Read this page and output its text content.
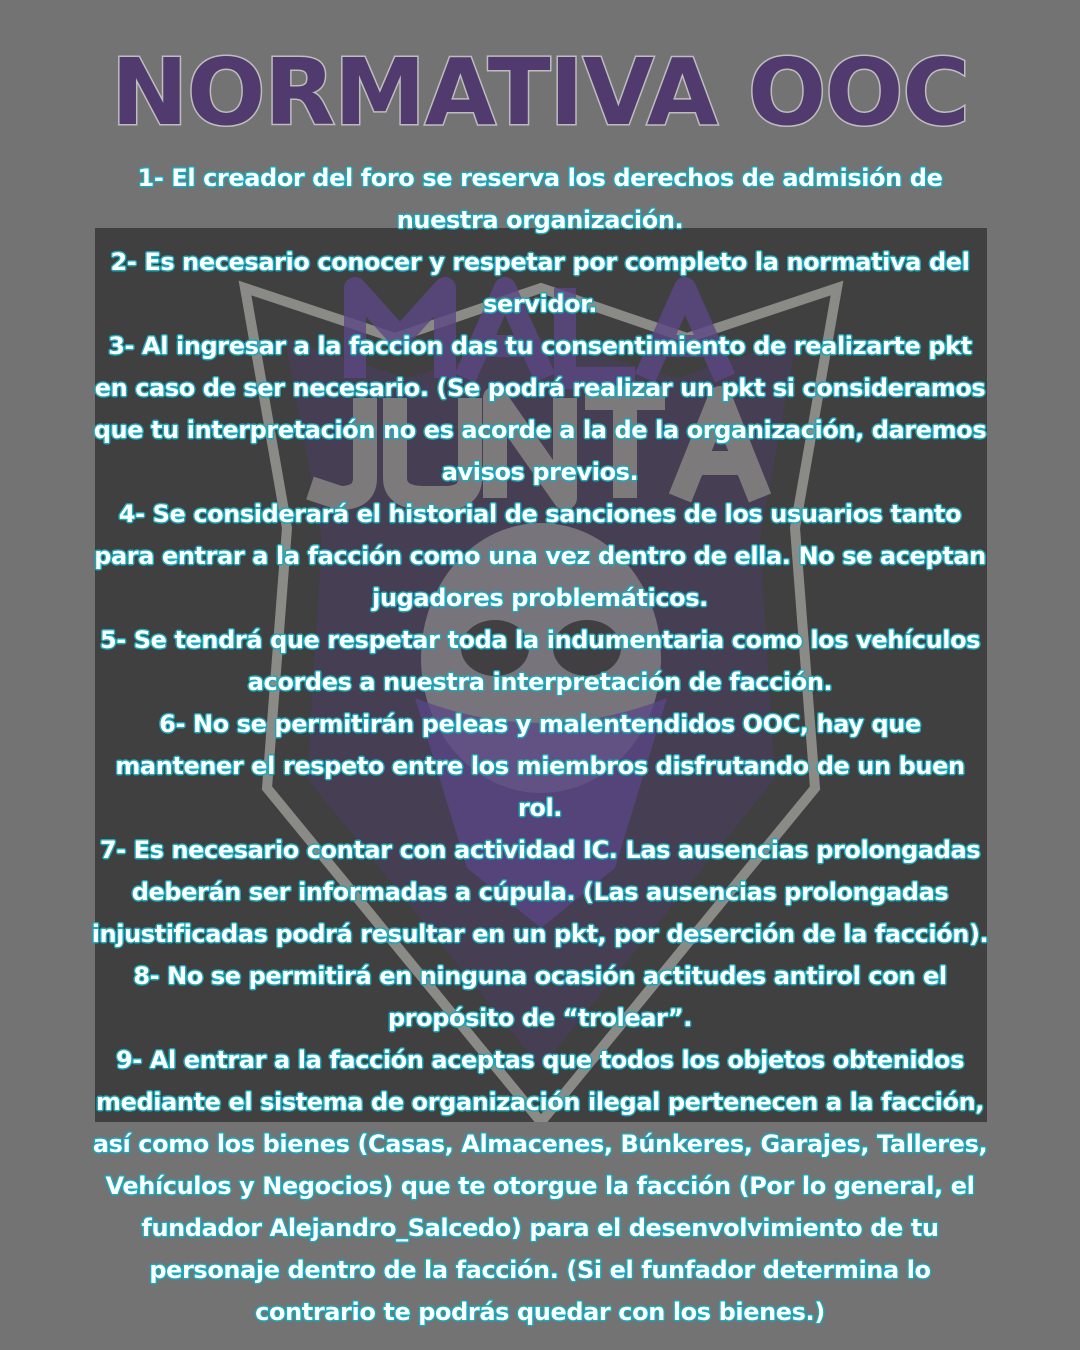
NORMATIVA OOC
1- El creador del foro se reserva los derechos de admisión de
nuestra organización.
2- Es necesario conocer y respetar por completo la normativa del
servidor.
3- Al ingresar a la faccion das tu consentimiento de realizarte pkt
en caso de ser necesario. (Se podrá realizar un pkt si consideramos
que tu interpretación no es acorde a la de la organización, daremos
avisos previos.
4- Se considerará el historial de sanciones de los usuarios tanto
para entrar a la facción como una vez dentro de ella. No se aceptan
jugadores problemáticos.
5- Se tendrá que respetar toda la indumentaria como los vehículos
acordes a nuestra interpretación de facción.
6- No se permitirán peleas y malentendidos OOC, hay que
mantener el respeto entre los miembros disfrutando de un buen
rol.
7- Es necesario contar con actividad IC. Las ausencias prolongadas
deberán ser informadas a cúpula. (Las ausencias prolongadas
injustificadas podrá resultar en un pkt, por deserción de la facción).
8- No se permitirá en ninguna ocasión actitudes antirol con el
propósito de “trolear”.
9- Al entrar a la facción aceptas que todos los objetos obtenidos
mediante el sistema de organización ilegal pertenecen a la facción,
así como los bienes (Casas, Almacenes, Búnkeres, Garajes, Talleres,
Vehículos y Negocios) que te otorgue la facción (Por lo general, el
fundador Alejandro_Salcedo) para el desenvolvimiento de tu
personaje dentro de la facción. (Si el funfador determina lo
contrario te podrás quedar con los bienes.)
